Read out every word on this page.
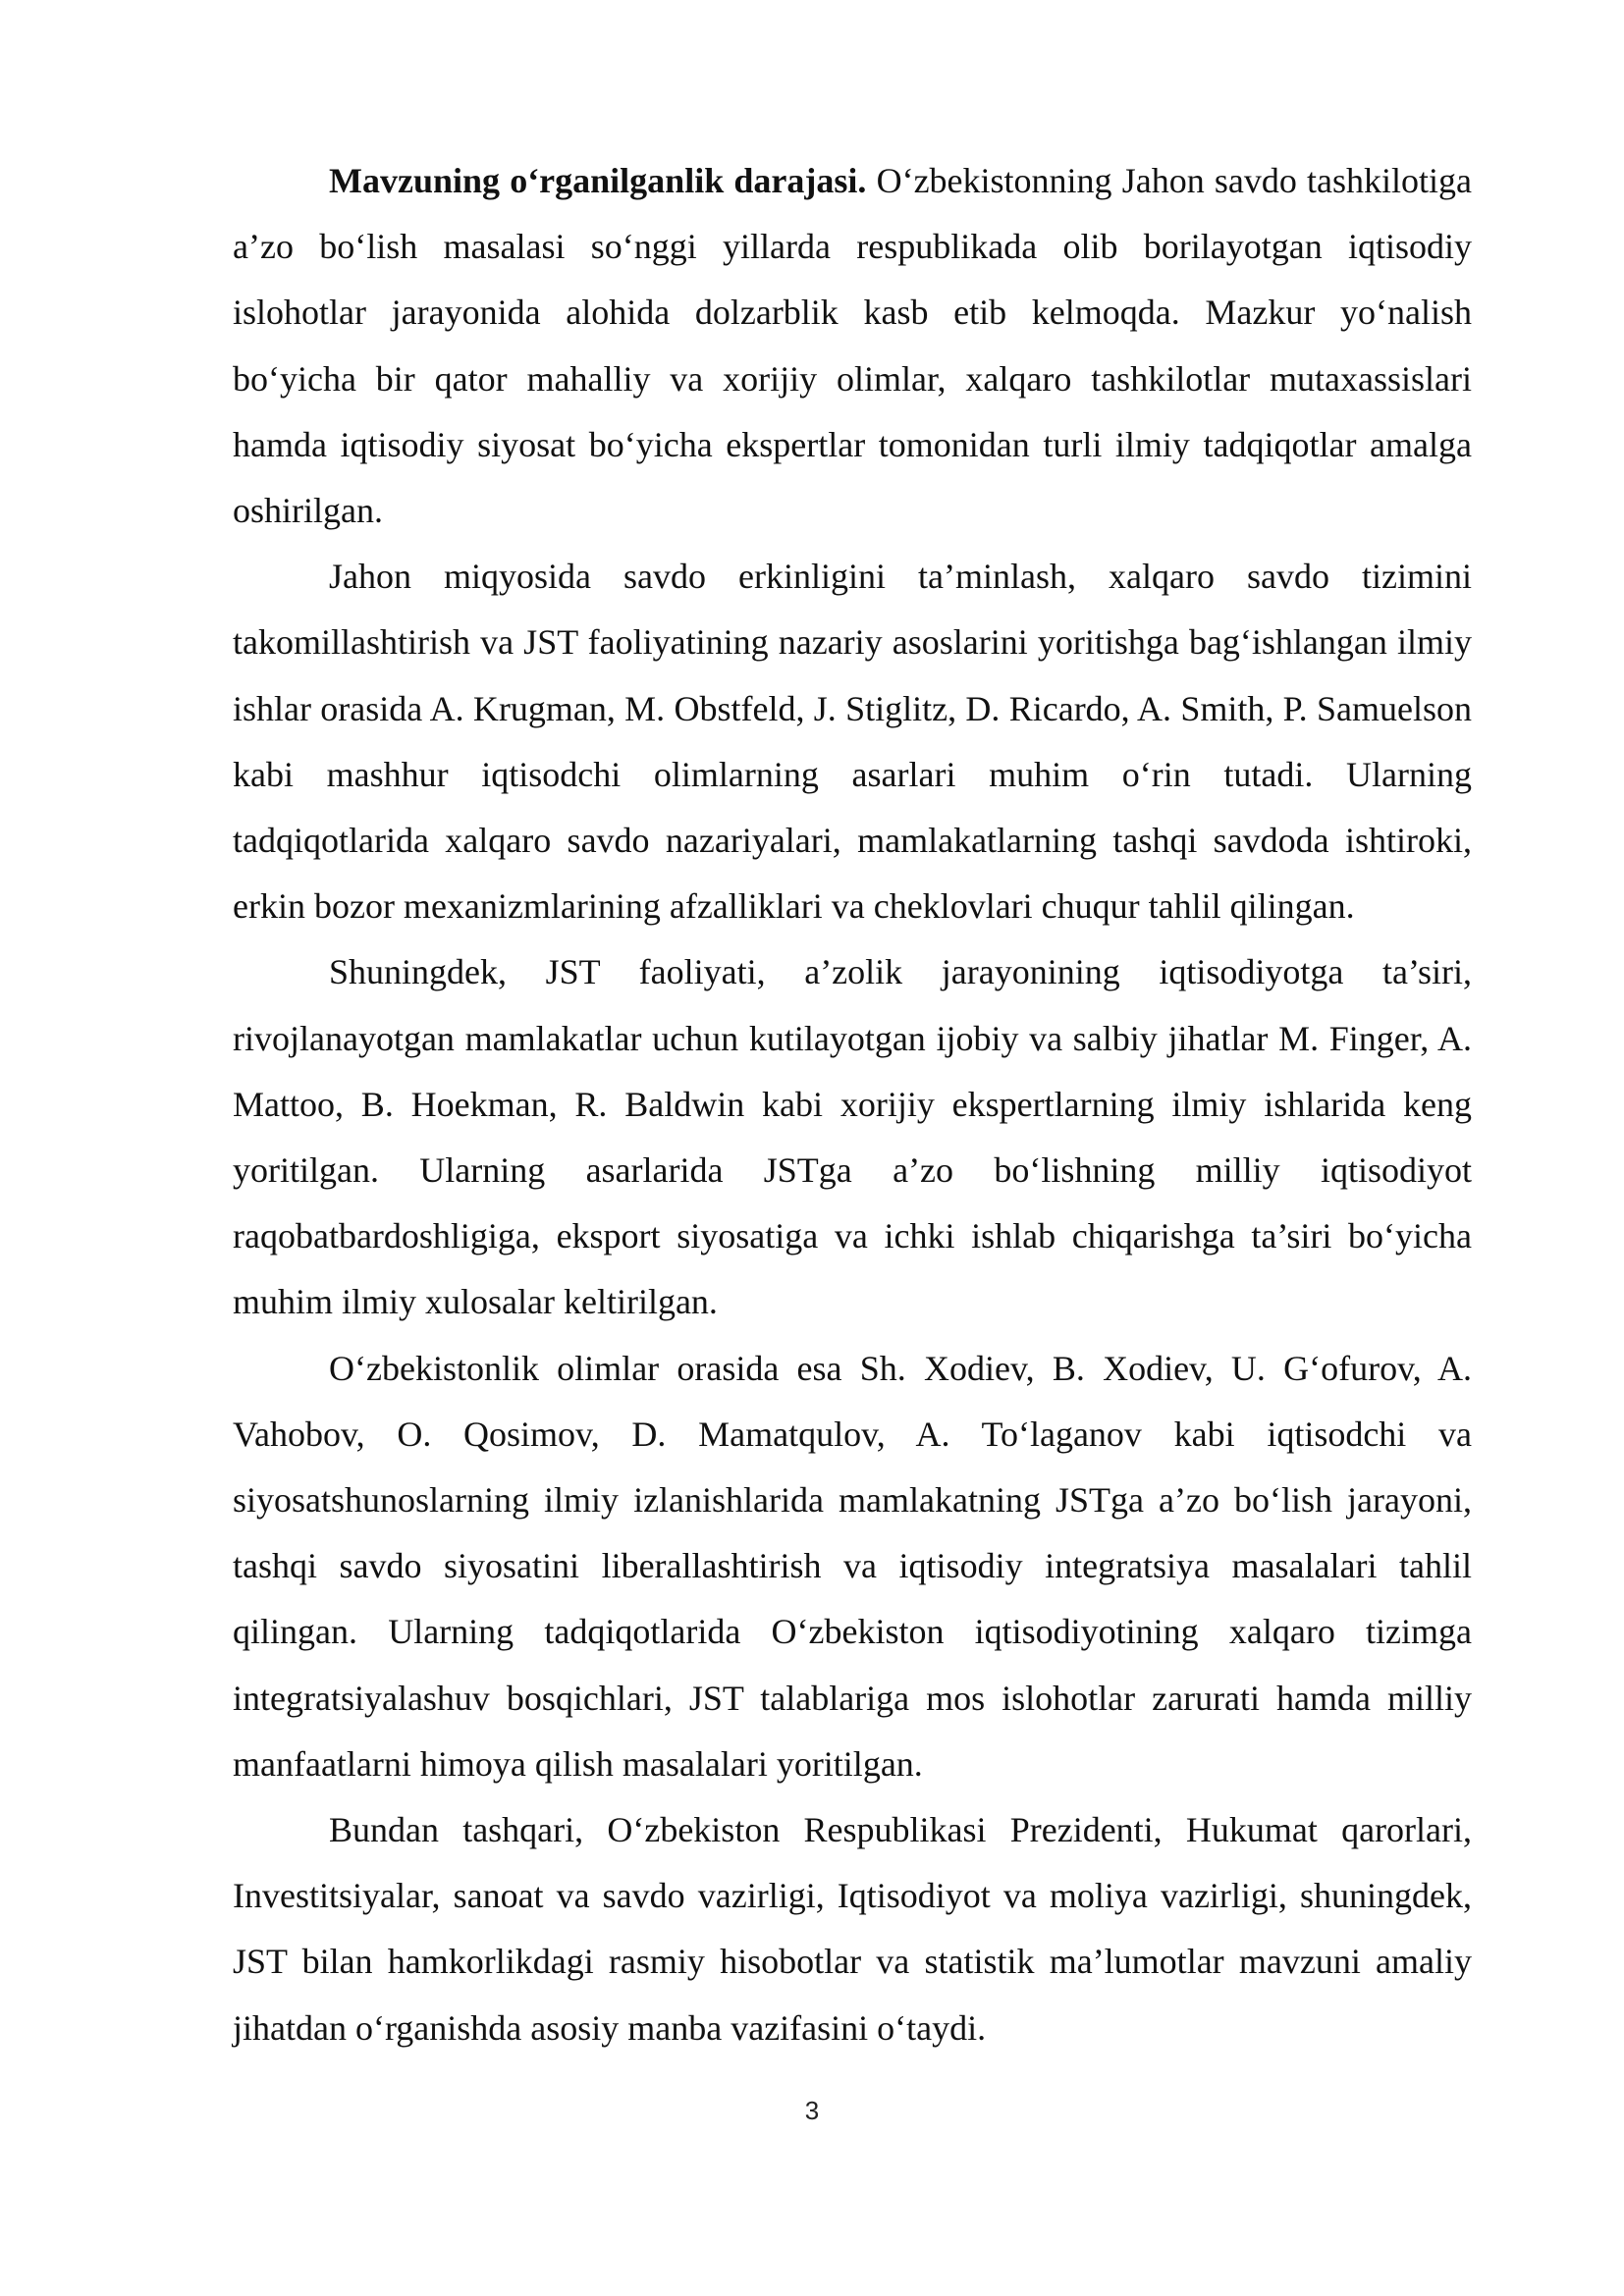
Mavzuning o‘rganilganlik darajasi. O‘zbekistonning Jahon savdo tashkilotiga a’zo bo‘lish masalasi so‘nggi yillarda respublikada olib borilayotgan iqtisodiy islohotlar jarayonida alohida dolzarblik kasb etib kelmoqda. Mazkur yo‘nalish bo‘yicha bir qator mahalliy va xorijiy olimlar, xalqaro tashkilotlar mutaxassislari hamda iqtisodiy siyosat bo‘yicha ekspertlar tomonidan turli ilmiy tadqiqotlar amalga oshirilgan.

Jahon miqyosida savdo erkinligini ta’minlash, xalqaro savdo tizimini takomillashtirish va JST faoliyatining nazariy asoslarini yoritishga bag‘ishlangan ilmiy ishlar orasida A. Krugman, M. Obstfeld, J. Stiglitz, D. Ricardo, A. Smith, P. Samuelson kabi mashhur iqtisodchi olimlarning asarlari muhim o‘rin tutadi. Ularning tadqiqotlarida xalqaro savdo nazariyalari, mamlakatlarning tashqi savdoda ishtiroki, erkin bozor mexanizmlarining afzalliklari va cheklovlari chuqur tahlil qilingan.

Shuningdek, JST faoliyati, a’zolik jarayonining iqtisodiyotga ta’siri, rivojlanayotgan mamlakatlar uchun kutilayotgan ijobiy va salbiy jihatlar M. Finger, A. Mattoo, B. Hoekman, R. Baldwin kabi xorijiy ekspertlarning ilmiy ishlarida keng yoritilgan. Ularning asarlarida JSTga a’zo bo‘lishning milliy iqtisodiyot raqobatbardoshligiga, eksport siyosatiga va ichki ishlab chiqarishga ta’siri bo‘yicha muhim ilmiy xulosalar keltirilgan.

O‘zbekistonlik olimlar orasida esa Sh. Xodiev, B. Xodiev, U. G‘ofurov, A. Vahobov, O. Qosimov, D. Mamatqulov, A. To‘laganov kabi iqtisodchi va siyosatshunoslarning ilmiy izlanishlarida mamlakatning JSTga a’zo bo‘lish jarayoni, tashqi savdo siyosatini liberallashtirish va iqtisodiy integratsiya masalalari tahlil qilingan. Ularning tadqiqotlarida O‘zbekiston iqtisodiyotining xalqaro tizimga integratsiyalashuv bosqichlari, JST talablariga mos islohotlar zarurati hamda milliy manfaatlarni himoya qilish masalalari yoritilgan.

Bundan tashqari, O‘zbekiston Respublikasi Prezidenti, Hukumat qarorlari, Investitsiyalar, sanoat va savdo vazirligi, Iqtisodiyot va moliya vazirligi, shuningdek, JST bilan hamkorlikdagi rasmiy hisobotlar va statistik ma’lumotlar mavzuni amaliy jihatdan o‘rganishda asosiy manba vazifasini o‘taydi.

3
